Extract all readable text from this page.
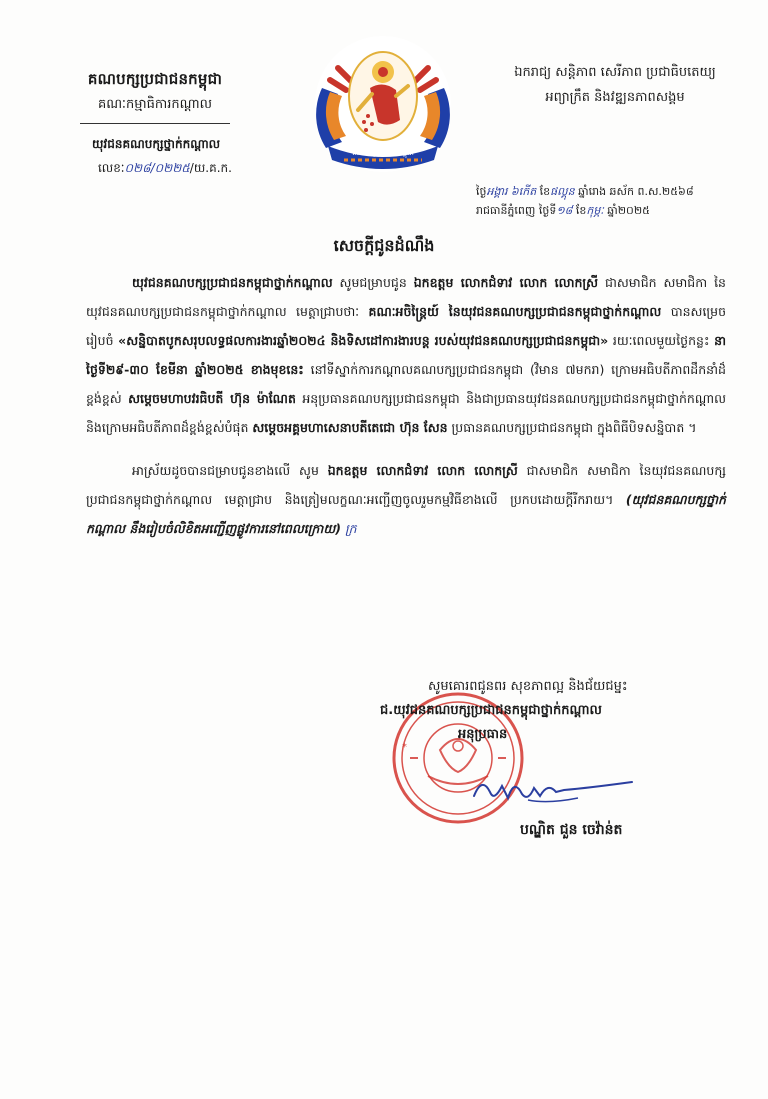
គណបក្សប្រជាជនកម្ពុជា
គណៈកម្មាធិការកណ្តាល
យុវជនគណបក្សថ្នាក់កណ្តាល
លេខៈ០២៨/០២២៥/យ.គ.ក.
គណបក្សប្រជាជនកម្ពុជា
ឯករាជ្យ សន្តិភាព សេរីភាព ប្រជាធិបតេយ្យ
អព្យាក្រឹត និងវឌ្ឍនភាពសង្គម
ថ្ងៃអង្គារ ៦កើត ខែផល្គុន ឆ្នាំរោង ឆស័ក ព.ស.២៥៦៨
រាជធានីភ្នំពេញ ថ្ងៃទី១៨ ខែកុម្ភៈ ឆ្នាំ២០២៥
សេចក្តីជូនដំណឹង

យុវជនគណបក្សប្រជាជនកម្ពុជាថ្នាក់កណ្តាល សូមជម្រាបជូន ឯកឧត្តម លោកជំទាវ លោក លោកស្រី ជាសមាជិក សមាជិកា នៃយុវជនគណបក្សប្រជាជនកម្ពុជាថ្នាក់កណ្តាល មេត្តាជ្រាបថាៈ គណៈអចិន្ត្រៃយ៍ នៃយុវជនគណបក្សប្រជាជនកម្ពុជាថ្នាក់កណ្តាល បានសម្រេចរៀបចំ «សន្និបាតបូកសរុបលទ្ធផលការងារឆ្នាំ២០២៤ និងទិសដៅការងារបន្ត របស់យុវជនគណបក្សប្រជាជនកម្ពុជា» រយៈពេលមួយថ្ងៃកន្លះ នាថ្ងៃទី២៩-៣០ ខែមីនា ឆ្នាំ២០២៥ ខាងមុខនេះ នៅទីស្នាក់ការកណ្តាលគណបក្សប្រជាជនកម្ពុជា (វិមាន ៧មករា) ក្រោមអធិបតីភាពដឹកនាំដ៏ខ្ពង់ខ្ពស់ សម្តេចមហាបវរធិបតី ហ៊ុន ម៉ាណែត អនុប្រធានគណបក្សប្រជាជនកម្ពុជា និងជាប្រធានយុវជនគណបក្សប្រជាជនកម្ពុជាថ្នាក់កណ្តាល និងក្រោមអធិបតីភាពដ៏ខ្ពង់ខ្ពស់បំផុត សម្តេចអគ្គមហាសេនាបតីតេជោ ហ៊ុន សែន ប្រធានគណបក្សប្រជាជនកម្ពុជា ក្នុងពិធីបិទសន្និបាត ។

អាស្រ័យដូចបានជម្រាបជូនខាងលើ សូម ឯកឧត្តម លោកជំទាវ លោក លោកស្រី ជាសមាជិក សមាជិកា នៃយុវជនគណបក្សប្រជាជនកម្ពុជាថ្នាក់កណ្តាល មេត្តាជ្រាប និងត្រៀមលក្ខណៈអញ្ជើញចូលរួមកម្មវិធីខាងលើ ប្រកបដោយក្តីរីករាយ។ (យុវជនគណបក្សថ្នាក់កណ្តាល នឹងរៀបចំលិខិតអញ្ជើញផ្លូវការនៅពេលក្រោយ) ក្រ

*
សូមគោរពជូនពរ សុខភាពល្អ និងជ័យជម្នះ
ជ.យុវជនគណបក្សប្រជាជនកម្ពុជាថ្នាក់កណ្តាល
អនុប្រធាន
បណ្ឌិត ជួន ចេវ៉ាន់ត
